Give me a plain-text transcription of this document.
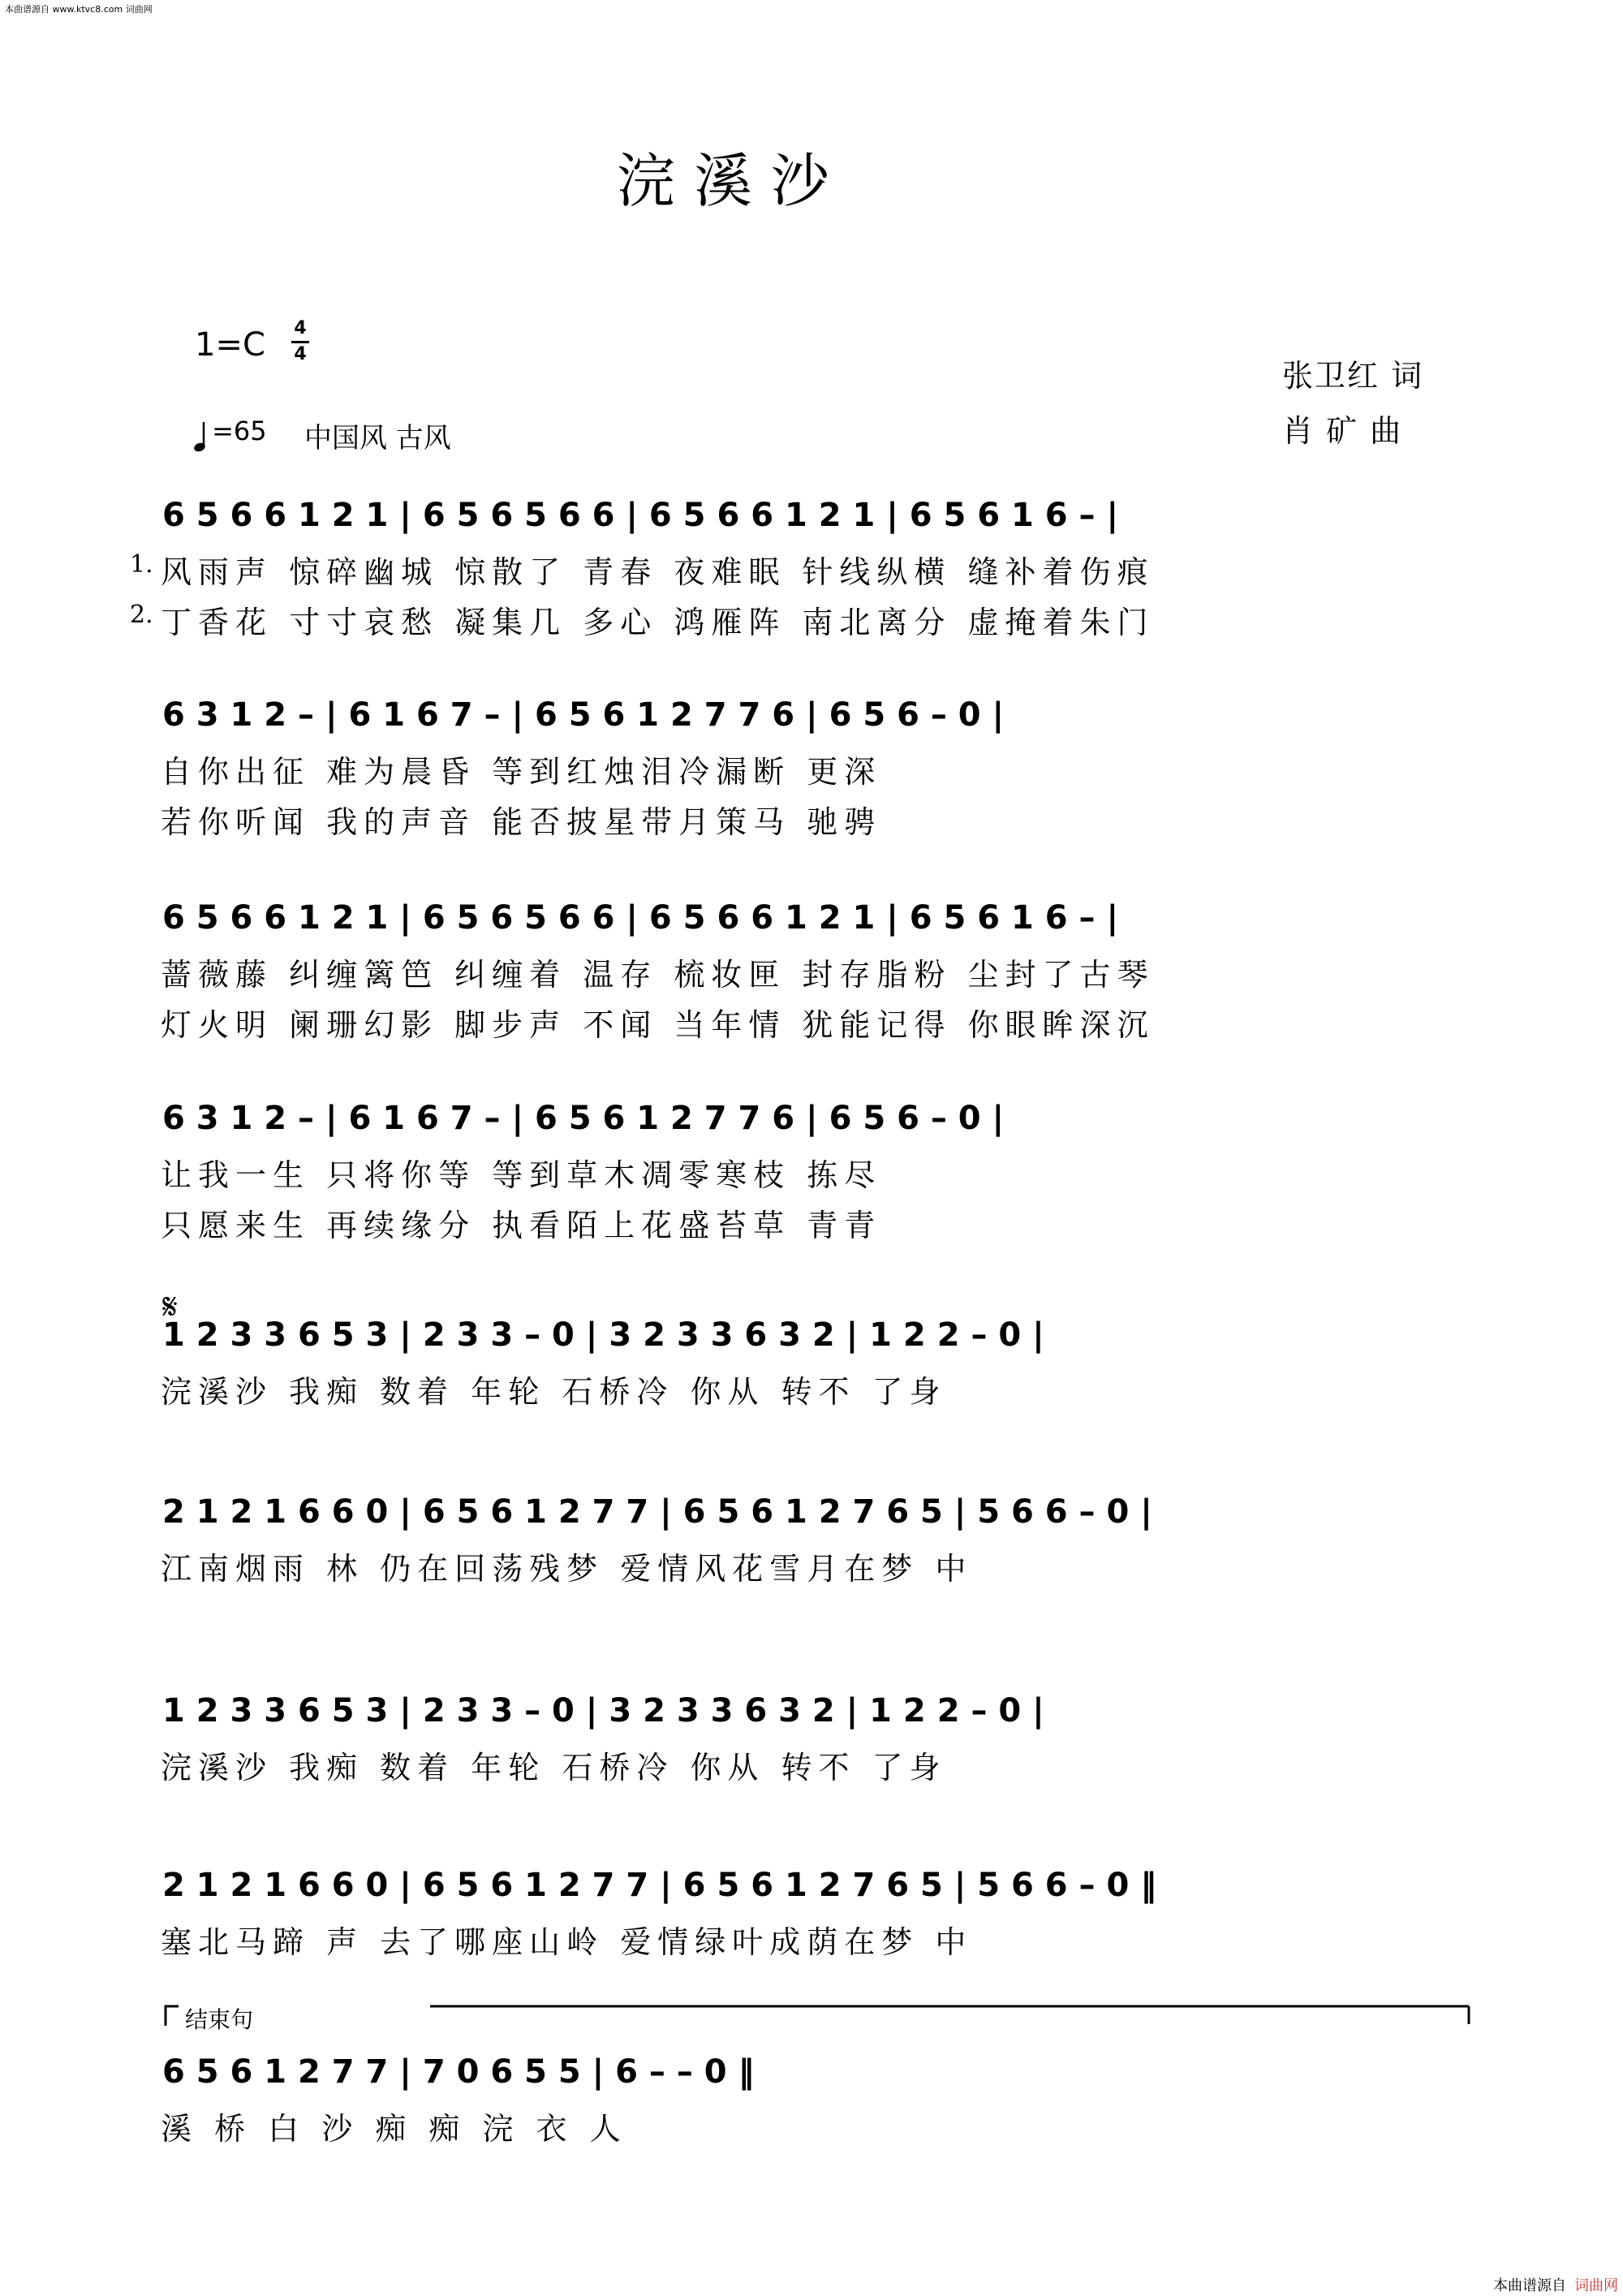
本曲谱源自 www.ktvc8.com 词曲网
浣 溪 沙
1=C 4
4
=65 中国风 古风
张卫红 词
肖 矿 曲
6 5 6 6 1 2 1 | 6 5 6 5 6 6 | 6 5 6 6 1 2 1 | 6 5 6 1 6 – |
1. 风雨声 惊碎幽城 惊散了 青春 夜难眠 针线纵横 缝补着伤痕
2. 丁香花 寸寸哀愁 凝集几 多心 鸿雁阵 南北离分 虚掩着朱门
6 3 1 2 – | 6 1 6 7 – | 6 5 6 1 2 7 7 6 | 6 5 6 – 0 |
自你出征 难为晨昏 等到红烛泪冷漏断 更深
若你听闻 我的声音 能否披星带月策马 驰骋
6 5 6 6 1 2 1 | 6 5 6 5 6 6 | 6 5 6 6 1 2 1 | 6 5 6 1 6 – |
蔷薇藤 纠缠篱笆 纠缠着 温存 梳妆匣 封存脂粉 尘封了古琴
灯火明 阑珊幻影 脚步声 不闻 当年情 犹能记得 你眼眸深沉
6 3 1 2 – | 6 1 6 7 – | 6 5 6 1 2 7 7 6 | 6 5 6 – 0 |
让我一生 只将你等 等到草木凋零寒枝 拣尽
只愿来生 再续缘分 执看陌上花盛苔草 青青
1 2 3 3 6 5 3 | 2 3 3 – 0 | 3 2 3 3 6 3 2 | 1 2 2 – 0 |
浣溪沙 我痴 数着 年轮 石桥冷 你从 转不 了身
2 1 2 1 6 6 0 | 6 5 6 1 2 7 7 | 6 5 6 1 2 7 6 5 | 5 6 6 – 0 |
江南烟雨 林 仍在回荡残梦 爱情风花雪月在梦 中
1 2 3 3 6 5 3 | 2 3 3 – 0 | 3 2 3 3 6 3 2 | 1 2 2 – 0 |
浣溪沙 我痴 数着 年轮 石桥冷 你从 转不 了身
2 1 2 1 6 6 0 | 6 5 6 1 2 7 7 | 6 5 6 1 2 7 6 5 | 5 6 6 – 0 ‖
塞北马蹄 声 去了哪座山岭 爱情绿叶成荫在梦 中
6 5 6 1 2 7 7 | 7 0 6 5 5 | 6 – – 0 ‖
溪 桥 白 沙 痴 痴 浣 衣 人
𝄋
结束句
本曲谱源自 词曲网
